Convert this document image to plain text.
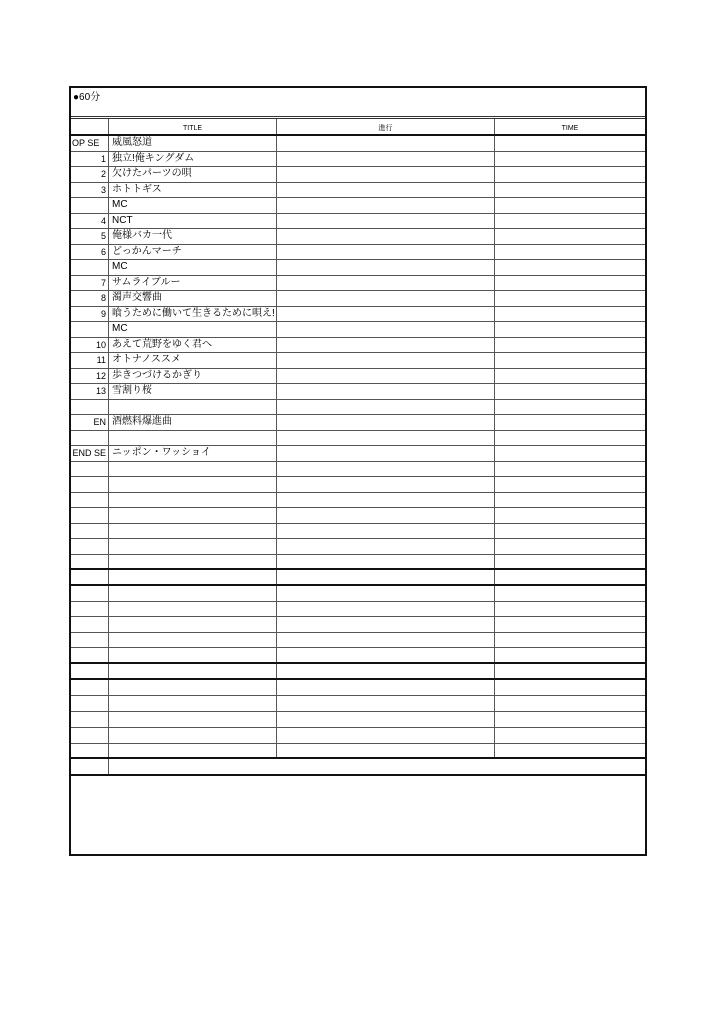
●60分
TITLE	進行	TIME
OP SE	威風怒道
1 独立!俺キングダム
2 欠けたパーツの唄
3 ホトトギス
MC
4 NCT
5 俺様バカ一代
6 どっかんマーチ
MC
7 サムライブルー
8 濁声交響曲
9 喰うために働いて生きるために唄え!
MC
10 あえて荒野をゆく君へ
11 オトナノススメ
12 歩きつづけるかぎり
13 雪割り桜
EN 酒燃料爆進曲
END SE ニッポン・ワッショイ
